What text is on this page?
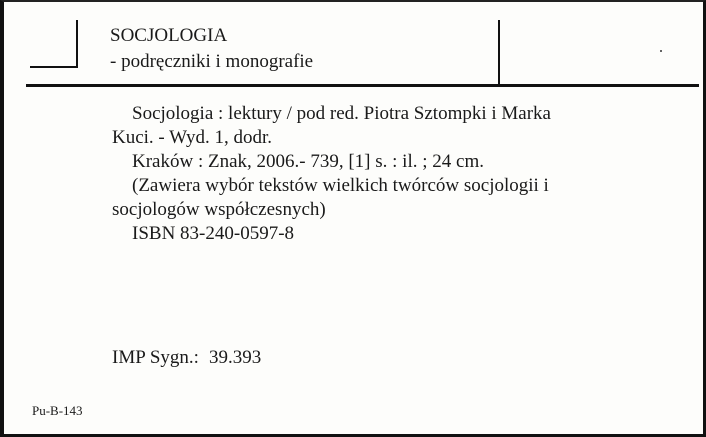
SOCJOLOGIA
- podręczniki i monografie
Socjologia : lektury / pod red. Piotra Sztompki i Marka
Kuci. - Wyd. 1, dodr.
Kraków : Znak, 2006.- 739, [1] s. : il. ; 24 cm.
(Zawiera wybór tekstów wielkich twórców socjologii i
socjologów współczesnych)
ISBN 83-240-0597-8
IMP Sygn.: 39.393
Pu-B-143
